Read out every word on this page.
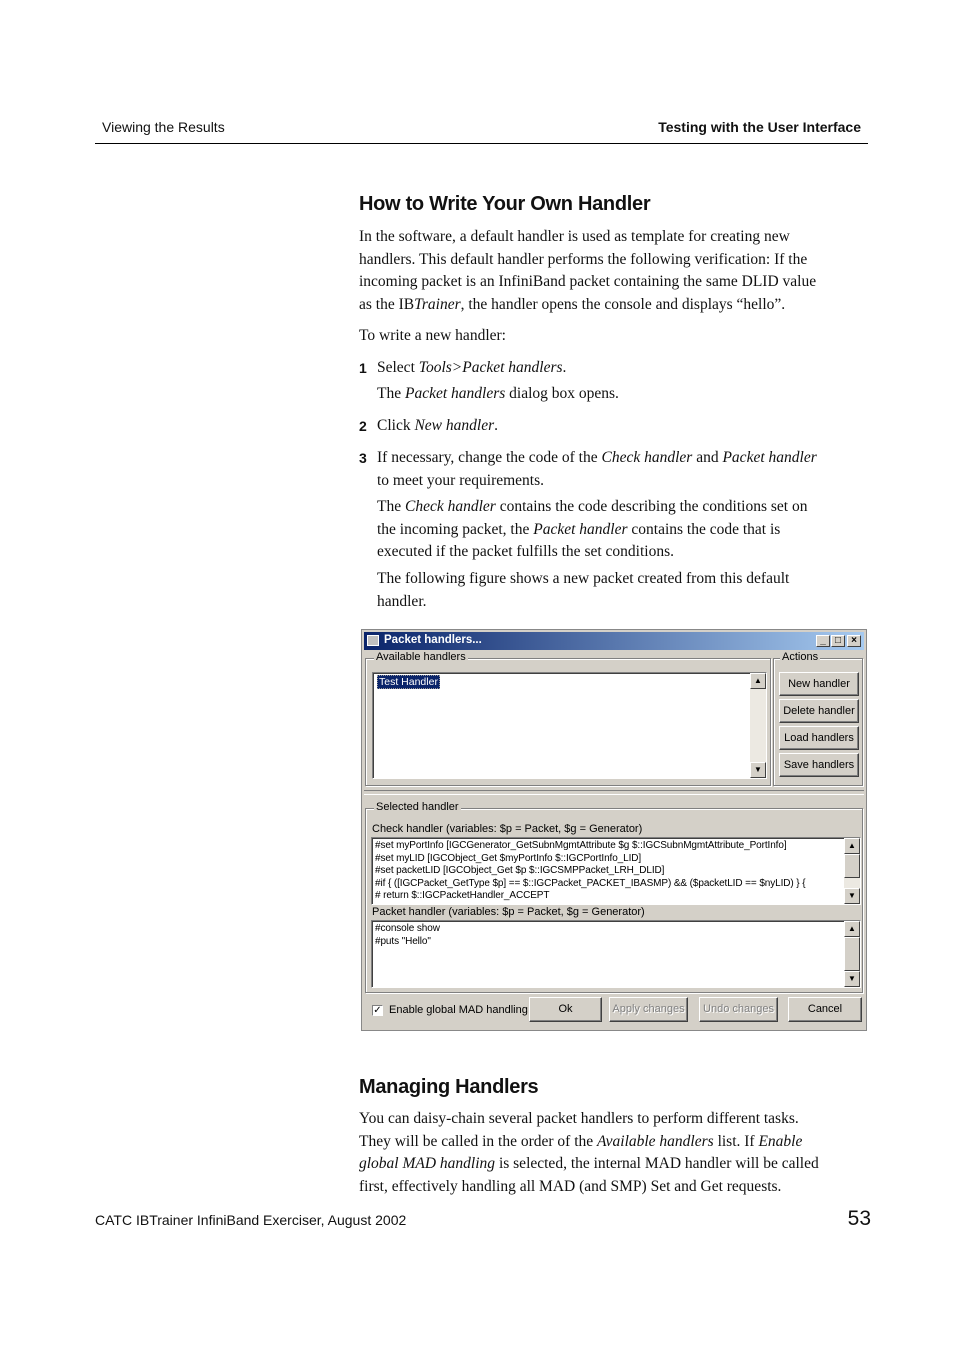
Viewing the Results	Testing with the User Interface
How to Write Your Own Handler
In the software, a default handler is used as template for creating new
handlers. This default handler performs the following verification: If the
incoming packet is an InfiniBand packet containing the same DLID value
as the IBTrainer, the handler opens the console and displays “hello”.
To write a new handler:
1 Select Tools>Packet handlers.
The Packet handlers dialog box opens.
2 Click New handler.
3 If necessary, change the code of the Check handler and Packet handler
to meet your requirements.
The Check handler contains the code describing the conditions set on
the incoming packet, the Packet handler contains the code that is
executed if the packet fulfills the set conditions.
The following figure shows a new packet created from this default
handler.
Packet handlers...	_ □	×
Available handlers
Test Handler	▲
▼
Actions
New handler
Delete handler
Load handlers
Save handlers
Selected handler
Check handler (variables: $p = Packet, $g = Generator)
#set myPortInfo [IGCGenerator_GetSubnMgmtAttribute $g $::IGCSubnMgmtAttribute_PortInfo]
#set myLID [IGCObject_Get $myPortInfo $::IGCPortInfo_LID]
#set packetLID [IGCObject_Get $p $::IGCSMPPacket_LRH_DLID]
#if { ([IGCPacket_GetType $p] == $::IGCPacket_PACKET_IBASMP) && ($packetLID == $nyLID) } {
# return $::IGCPacketHandler_ACCEPT
▲
▼
Packet handler (variables: $p = Packet, $g = Generator)
#console show
#puts "Hello"
▲
▼
✓ Enable global MAD handling	Ok	Apply changes	Undo changes	Cancel
Managing Handlers
You can daisy-chain several packet handlers to perform different tasks.
They will be called in the order of the Available handlers list. If Enable
global MAD handling is selected, the internal MAD handler will be called
first, effectively handling all MAD (and SMP) Set and Get requests.
CATC IBTrainer InfiniBand Exerciser, August 2002	53
